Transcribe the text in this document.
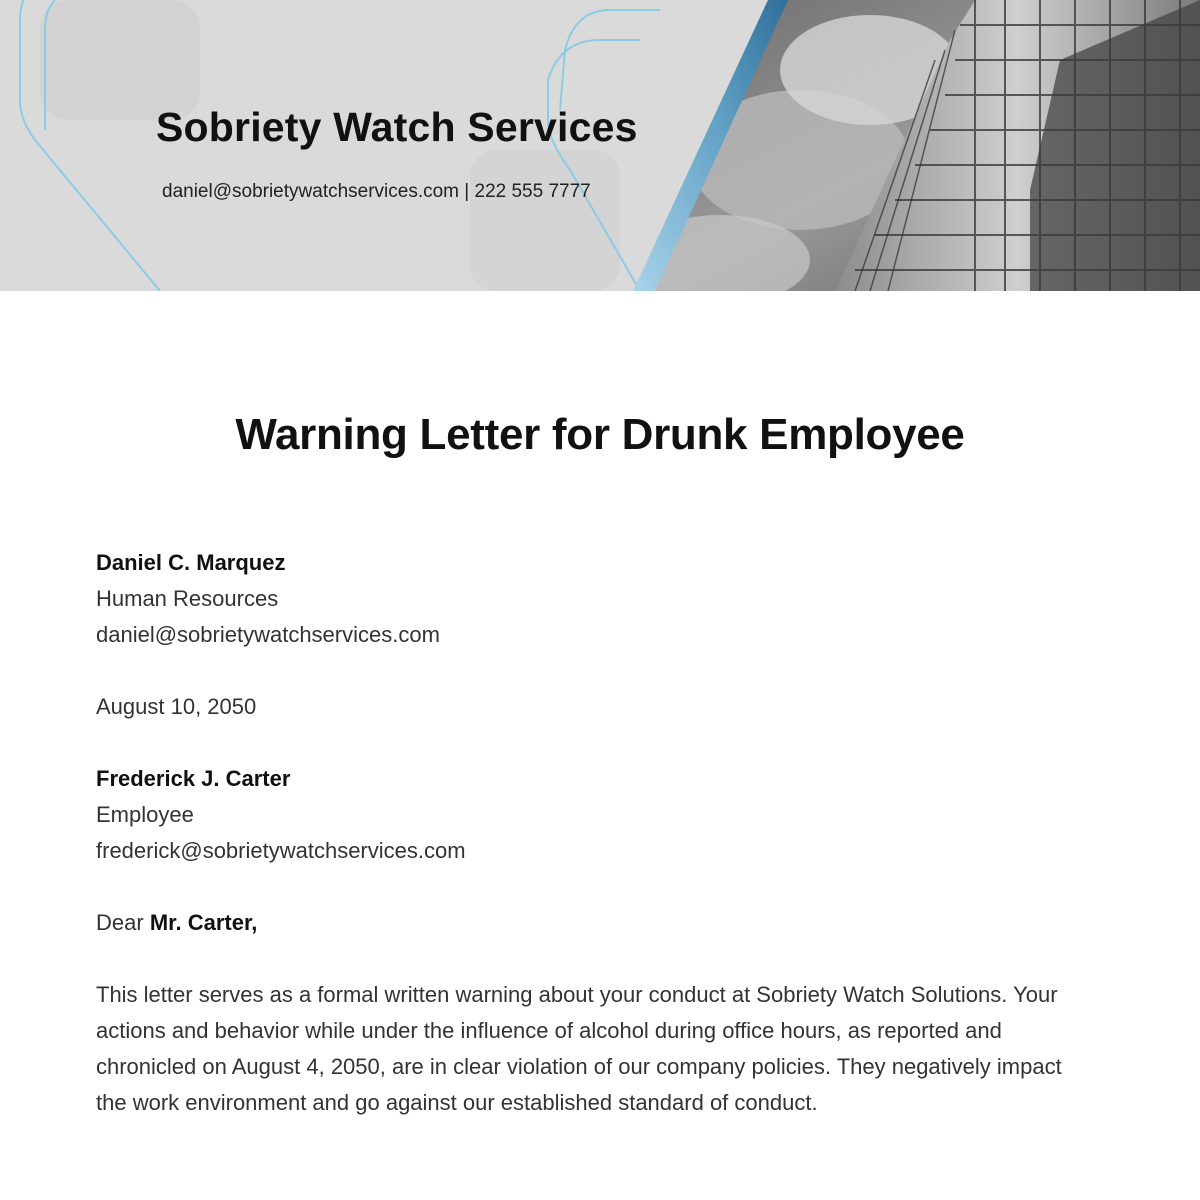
Sobriety Watch Services
daniel@sobrietywatchservices.com | 222 555 7777
Warning Letter for Drunk Employee
Daniel C. Marquez
Human Resources
daniel@sobrietywatchservices.com
August 10, 2050
Frederick J. Carter
Employee
frederick@sobrietywatchservices.com
Dear Mr. Carter,

This letter serves as a formal written warning about your conduct at Sobriety Watch Solutions. Your actions and behavior while under the influence of alcohol during office hours, as reported and chronicled on August 4, 2050, are in clear violation of our company policies. They negatively impact the work environment and go against our established standard of conduct.
